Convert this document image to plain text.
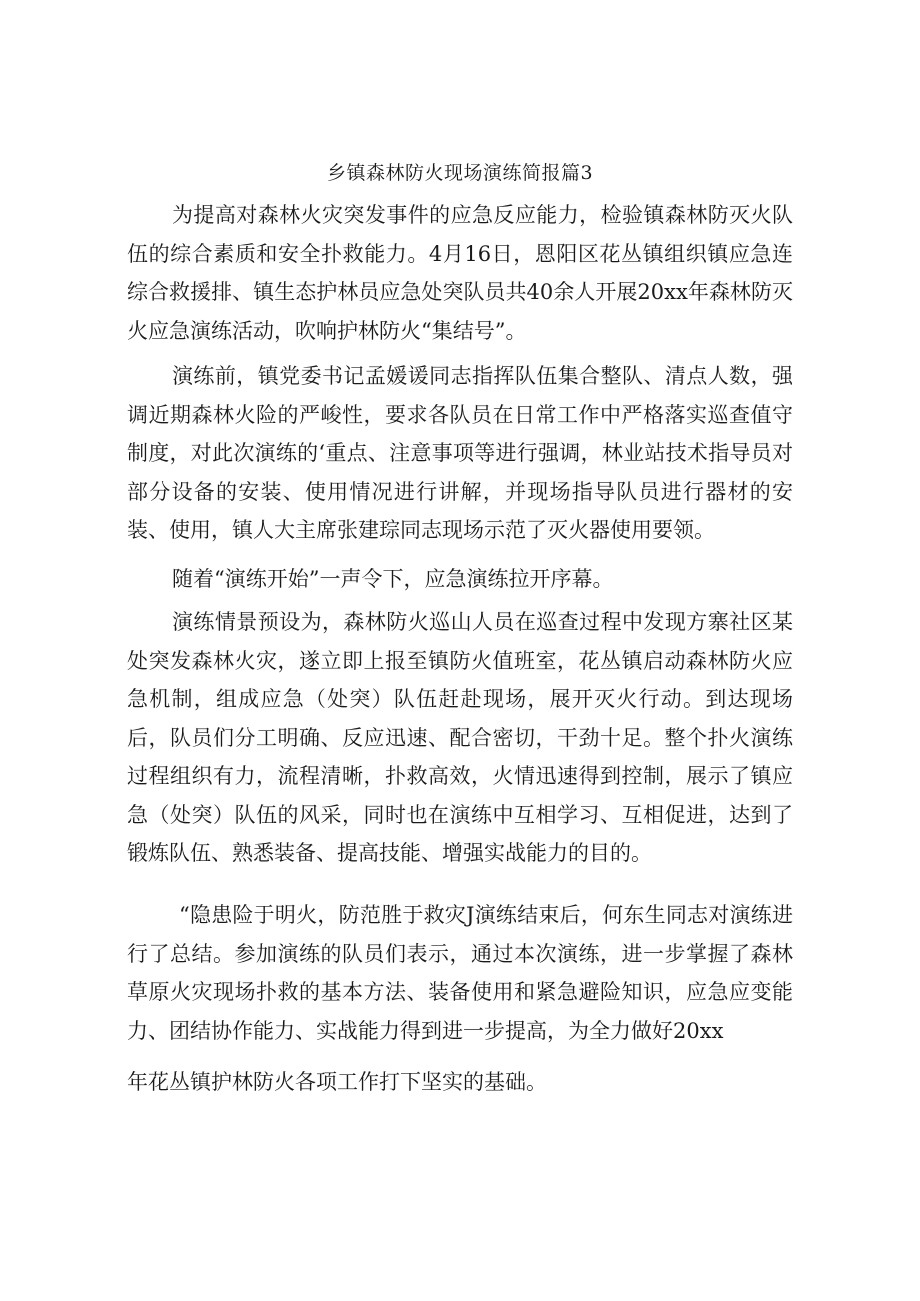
乡镇森林防火现场演练简报篇3

为提高对森林火灾突发事件的应急反应能力，检验镇森林防灭火队伍的综合素质和安全扑救能力。4月16日，恩阳区花丛镇组织镇应急连综合救援排、镇生态护林员应急处突队员共40余人开展20xx年森林防灭火应急演练活动，吹响护林防火“集结号”。

演练前，镇党委书记孟媛谖同志指挥队伍集合整队、清点人数，强调近期森林火险的严峻性，要求各队员在日常工作中严格落实巡查值守制度，对此次演练的‘重点、注意事项等进行强调，林业站技术指导员对部分设备的安装、使用情况进行讲解，并现场指导队员进行器材的安装、使用，镇人大主席张建琮同志现场示范了灭火器使用要领。

随着“演练开始”一声令下，应急演练拉开序幕。

演练情景预设为，森林防火巡山人员在巡查过程中发现方寨社区某处突发森林火灾，遂立即上报至镇防火值班室，花丛镇启动森林防火应急机制，组成应急（处突）队伍赶赴现场，展开灭火行动。到达现场后，队员们分工明确、反应迅速、配合密切，干劲十足。整个扑火演练过程组织有力，流程清晰，扑救高效，火情迅速得到控制，展示了镇应急（处突）队伍的风采，同时也在演练中互相学习、互相促进，达到了锻炼队伍、熟悉装备、提高技能、增强实战能力的目的。

“隐患险于明火，防范胜于救灾J演练结束后，何东生同志对演练进行了总结。参加演练的队员们表示，通过本次演练，进一步掌握了森林草原火灾现场扑救的基本方法、装备使用和紧急避险知识，应急应变能力、团结协作能力、实战能力得到进一步提高，为全力做好20xx

年花丛镇护林防火各项工作打下坚实的基础。
